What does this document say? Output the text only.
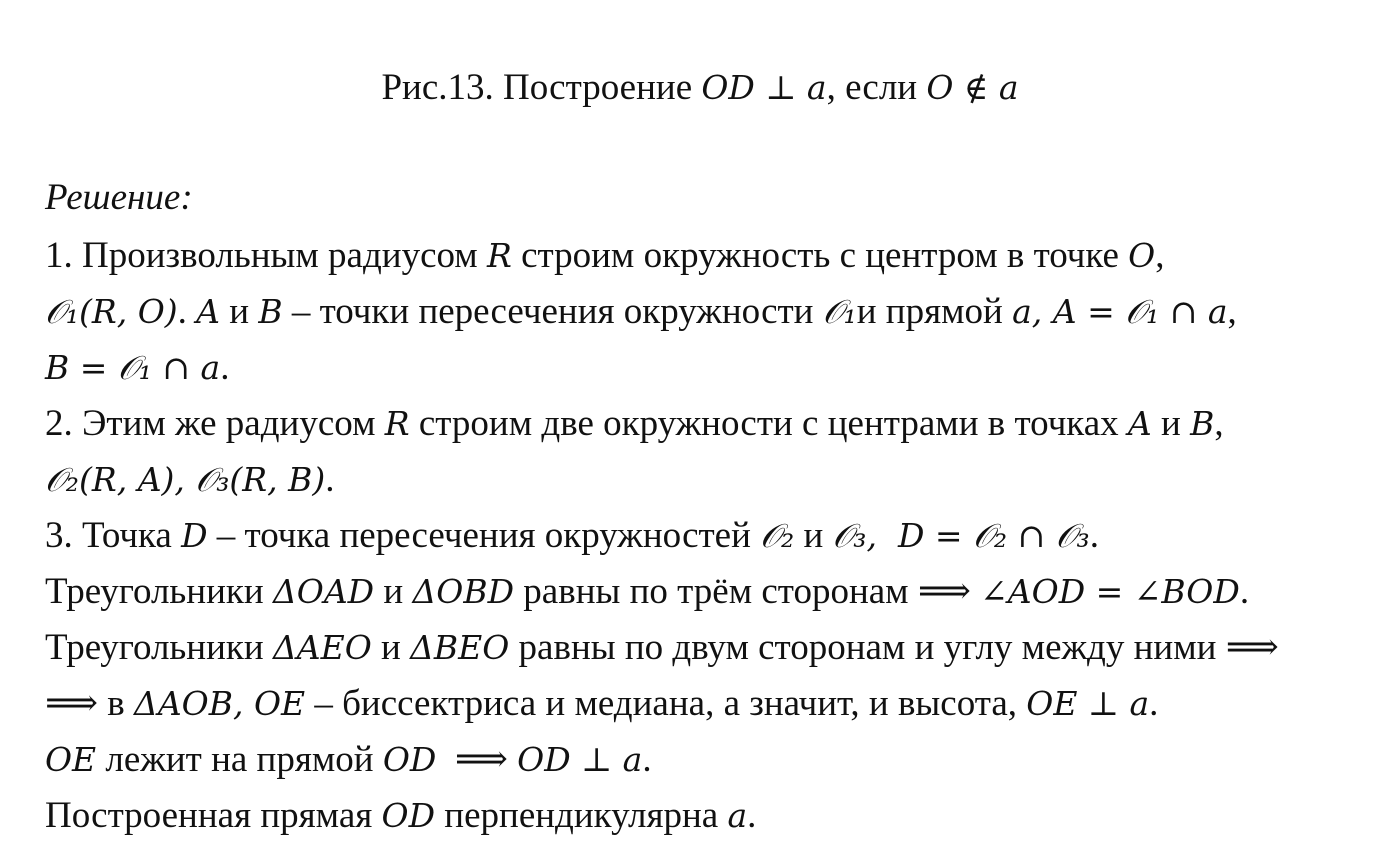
Рис.13. Построение OD ⊥ a, если O ∉ a
Решение:
1. Произвольным радиусом R строим окружность с центром в точке O,
𝒪₁(R, O). A и B – точки пересечения окружности 𝒪₁и прямой a, A = 𝒪₁ ∩ a,
B = 𝒪₁ ∩ a.
2. Этим же радиусом R строим две окружности с центрами в точках A и B,
𝒪₂(R, A), 𝒪₃(R, B).
3. Точка D – точка пересечения окружностей 𝒪₂ и 𝒪₃,  D = 𝒪₂ ∩ 𝒪₃.
Треугольники ΔOAD и ΔOBD равны по трём сторонам ⟹ ∠AOD = ∠BOD.
Треугольники ΔAEO и ΔBEO равны по двум сторонам и углу между ними ⟹
⟹ в ΔAOB, OE – биссектриса и медиана, а значит, и высота, OE ⊥ a.
OE лежит на прямой OD  ⟹ OD ⊥ a.
Построенная прямая OD перпендикулярна a.
